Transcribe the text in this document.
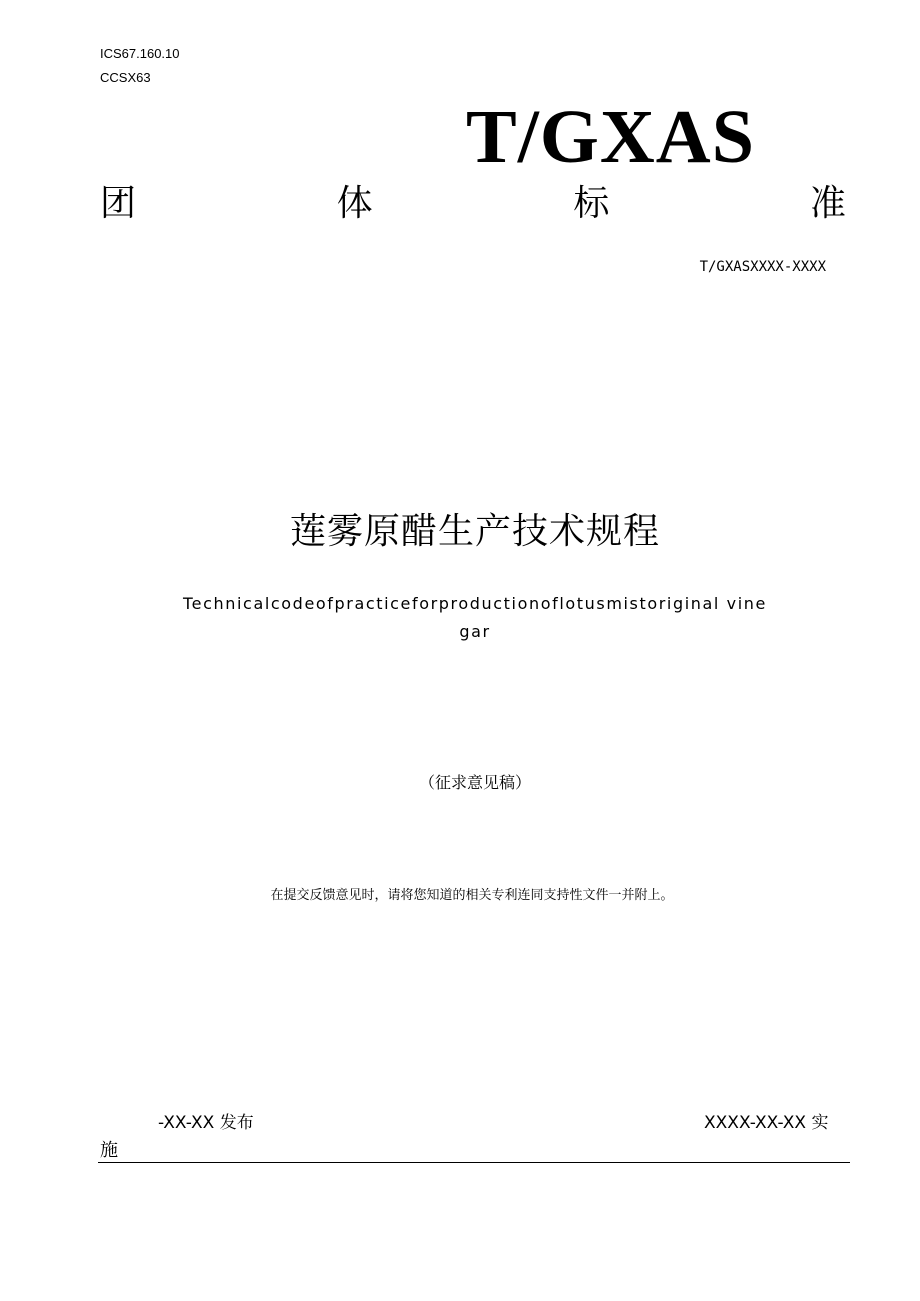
ICS67.160.10
CCSX63
T/GXAS
团	体	标	准
T/GXASXXXX-XXXX
莲雾原醋生产技术规程
Technicalcodeofpracticeforproductionoflotusmistoriginal vinegar
（征求意见稿）
在提交反馈意见时，请将您知道的相关专利连同支持性文件一并附上。
-XX-XX 发布	XXXX-XX-XX 实
施
